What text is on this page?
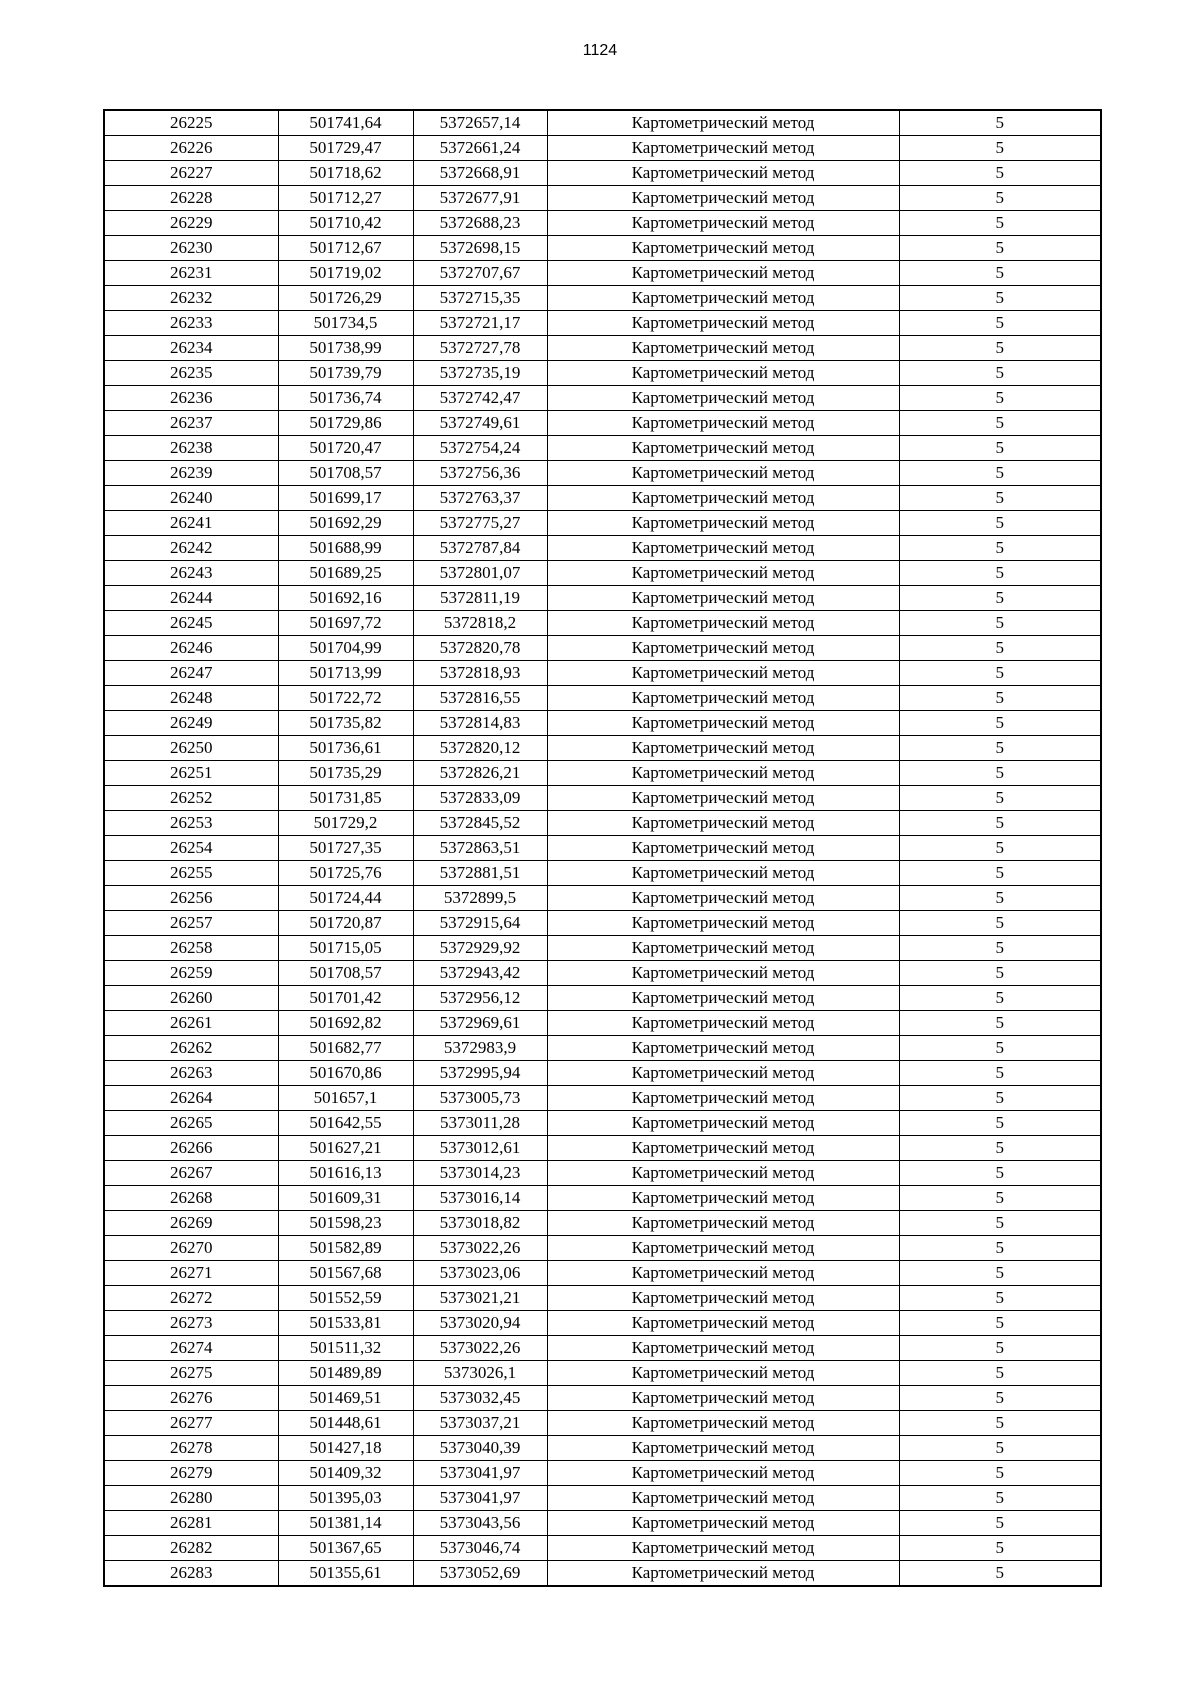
1124
26225	501741,64	5372657,14	Картометрический метод	5
26226	501729,47	5372661,24	Картометрический метод	5
26227	501718,62	5372668,91	Картометрический метод	5
26228	501712,27	5372677,91	Картометрический метод	5
26229	501710,42	5372688,23	Картометрический метод	5
26230	501712,67	5372698,15	Картометрический метод	5
26231	501719,02	5372707,67	Картометрический метод	5
26232	501726,29	5372715,35	Картометрический метод	5
26233	501734,5	5372721,17	Картометрический метод	5
26234	501738,99	5372727,78	Картометрический метод	5
26235	501739,79	5372735,19	Картометрический метод	5
26236	501736,74	5372742,47	Картометрический метод	5
26237	501729,86	5372749,61	Картометрический метод	5
26238	501720,47	5372754,24	Картометрический метод	5
26239	501708,57	5372756,36	Картометрический метод	5
26240	501699,17	5372763,37	Картометрический метод	5
26241	501692,29	5372775,27	Картометрический метод	5
26242	501688,99	5372787,84	Картометрический метод	5
26243	501689,25	5372801,07	Картометрический метод	5
26244	501692,16	5372811,19	Картометрический метод	5
26245	501697,72	5372818,2	Картометрический метод	5
26246	501704,99	5372820,78	Картометрический метод	5
26247	501713,99	5372818,93	Картометрический метод	5
26248	501722,72	5372816,55	Картометрический метод	5
26249	501735,82	5372814,83	Картометрический метод	5
26250	501736,61	5372820,12	Картометрический метод	5
26251	501735,29	5372826,21	Картометрический метод	5
26252	501731,85	5372833,09	Картометрический метод	5
26253	501729,2	5372845,52	Картометрический метод	5
26254	501727,35	5372863,51	Картометрический метод	5
26255	501725,76	5372881,51	Картометрический метод	5
26256	501724,44	5372899,5	Картометрический метод	5
26257	501720,87	5372915,64	Картометрический метод	5
26258	501715,05	5372929,92	Картометрический метод	5
26259	501708,57	5372943,42	Картометрический метод	5
26260	501701,42	5372956,12	Картометрический метод	5
26261	501692,82	5372969,61	Картометрический метод	5
26262	501682,77	5372983,9	Картометрический метод	5
26263	501670,86	5372995,94	Картометрический метод	5
26264	501657,1	5373005,73	Картометрический метод	5
26265	501642,55	5373011,28	Картометрический метод	5
26266	501627,21	5373012,61	Картометрический метод	5
26267	501616,13	5373014,23	Картометрический метод	5
26268	501609,31	5373016,14	Картометрический метод	5
26269	501598,23	5373018,82	Картометрический метод	5
26270	501582,89	5373022,26	Картометрический метод	5
26271	501567,68	5373023,06	Картометрический метод	5
26272	501552,59	5373021,21	Картометрический метод	5
26273	501533,81	5373020,94	Картометрический метод	5
26274	501511,32	5373022,26	Картометрический метод	5
26275	501489,89	5373026,1	Картометрический метод	5
26276	501469,51	5373032,45	Картометрический метод	5
26277	501448,61	5373037,21	Картометрический метод	5
26278	501427,18	5373040,39	Картометрический метод	5
26279	501409,32	5373041,97	Картометрический метод	5
26280	501395,03	5373041,97	Картометрический метод	5
26281	501381,14	5373043,56	Картометрический метод	5
26282	501367,65	5373046,74	Картометрический метод	5
26283	501355,61	5373052,69	Картометрический метод	5
